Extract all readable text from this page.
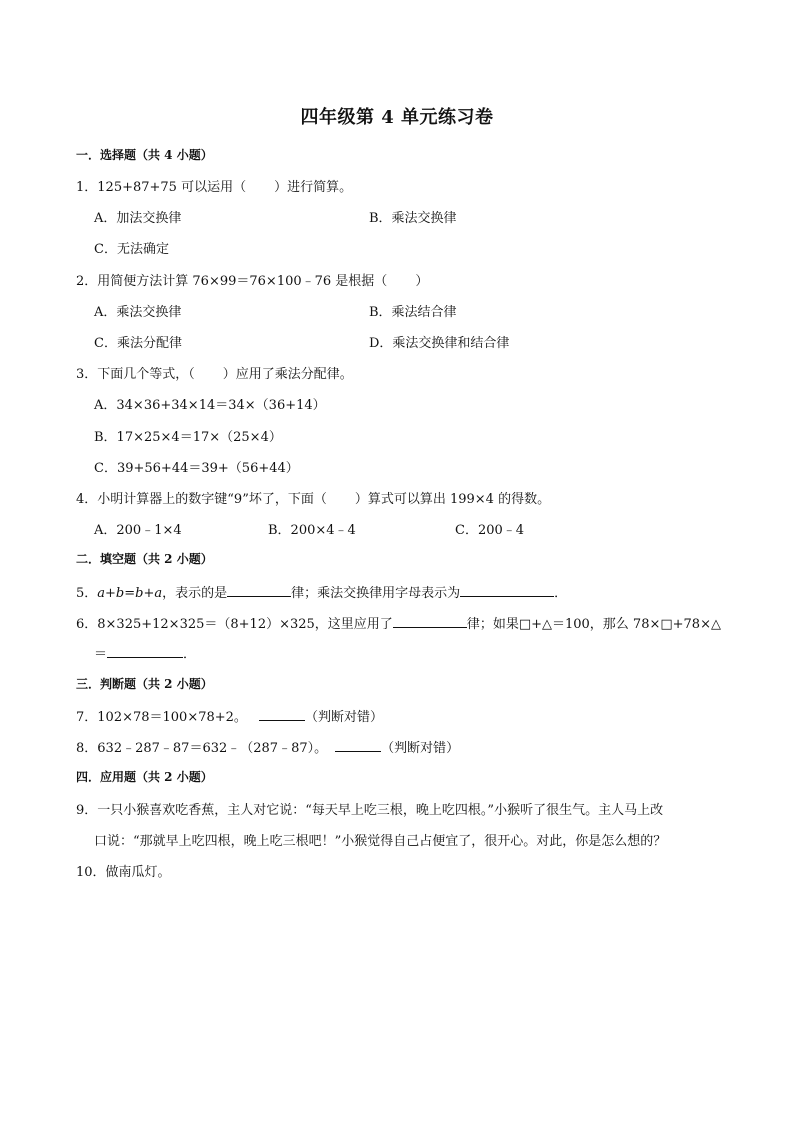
四年级第 4 单元练习卷
一．选择题（共 4 小题）
1．125+87+75 可以运用（ ）进行简算。
A．加法交换律	B．乘法交换律
C．无法确定
2．用简便方法计算 76×99＝76×100﹣76 是根据（ ）
A．乘法交换律	B．乘法结合律
C．乘法分配律	D．乘法交换律和结合律
3．下面几个等式，（ ）应用了乘法分配律。
A．34×36+34×14＝34×（36+14）
B．17×25×4＝17×（25×4）
C．39+56+44＝39+（56+44）
4．小明计算器上的数字键“9”坏了，下面（ ）算式可以算出 199×4 的得数。
A．200﹣1×4	B．200×4﹣4	C．200﹣4
二．填空题（共 2 小题）
5．a+b=b+a，表示的是	律；乘法交换律用字母表示为	．
6．8×325+12×325＝（8+12）×325，这里应用了	律；如果□+△＝100，那么 78×□+78×△
＝	．
三．判断题（共 2 小题）
7．102×78＝100×78+2。	（判断对错）
8．632﹣287﹣87＝632﹣（287﹣87）。	（判断对错）
四．应用题（共 2 小题）
9．一只小猴喜欢吃香蕉，主人对它说：“每天早上吃三根，晚上吃四根。”小猴听了很生气。主人马上改
口说：“那就早上吃四根，晚上吃三根吧！”小猴觉得自己占便宜了，很开心。对此，你是怎么想的？
10．做南瓜灯。
